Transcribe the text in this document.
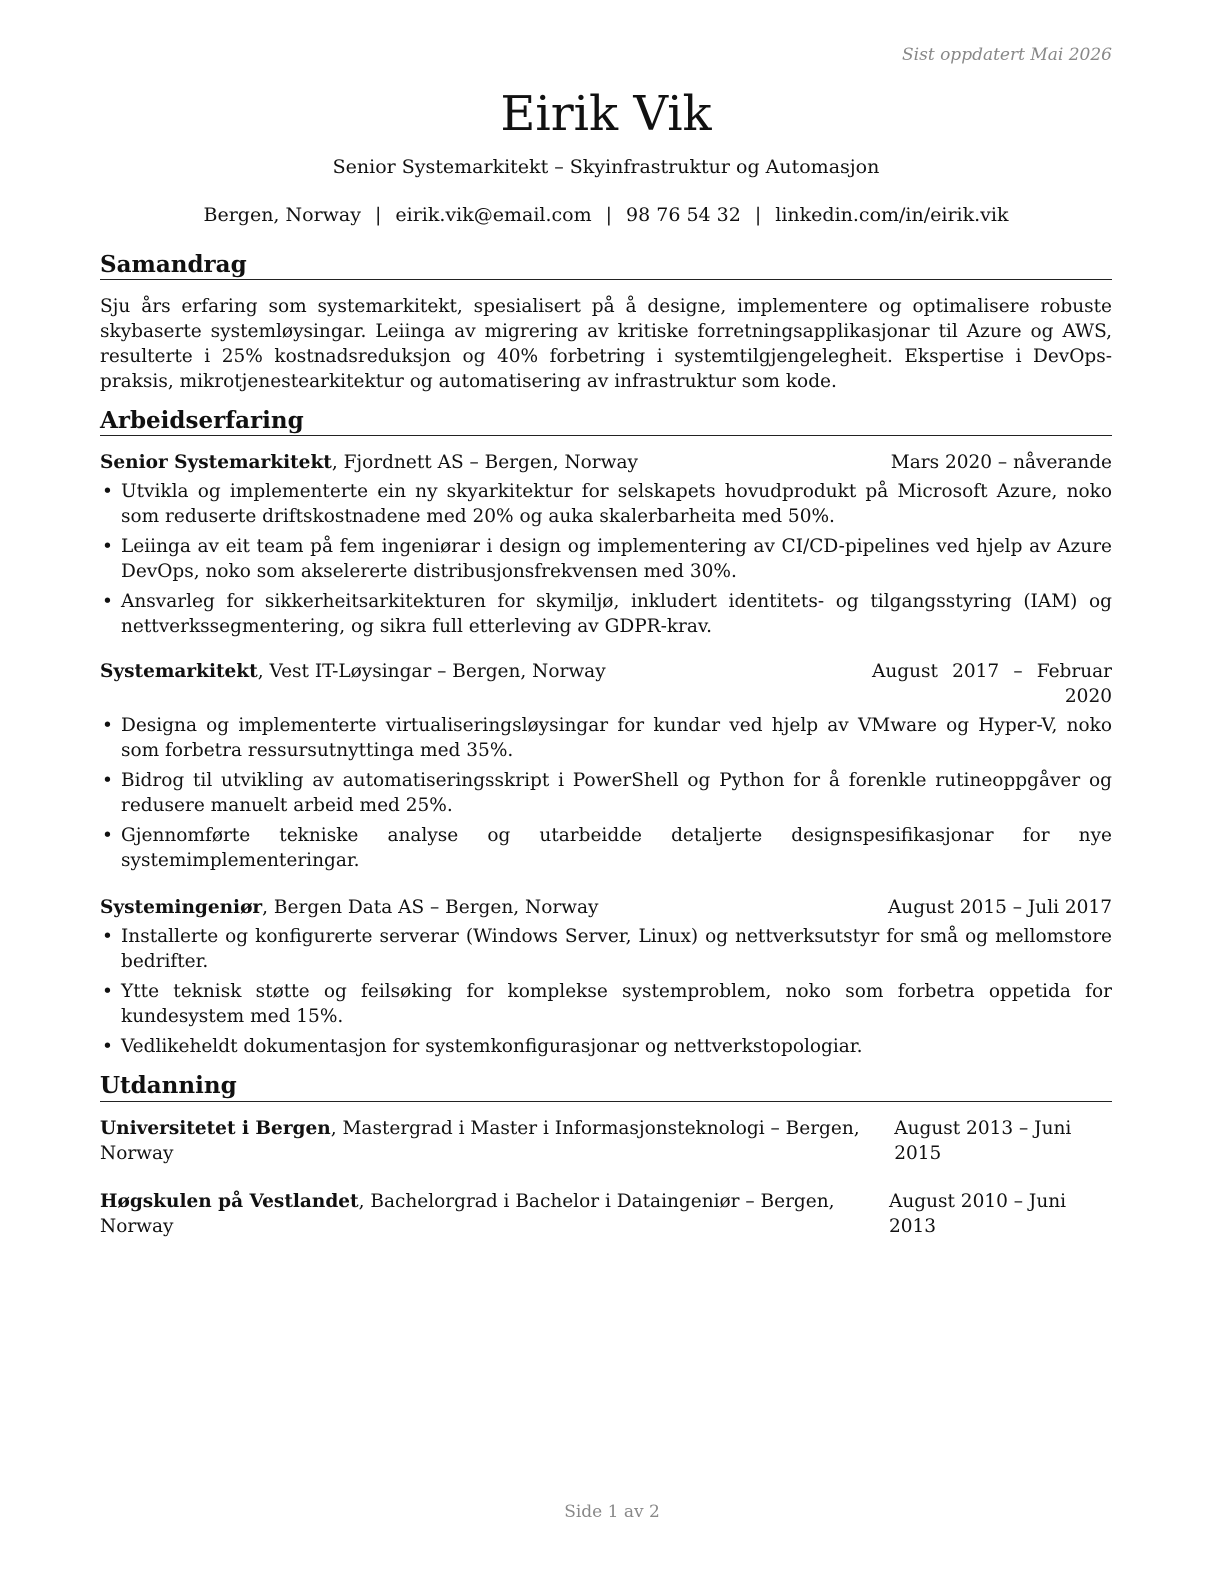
Sist oppdatert Mai 2026
Eirik Vik
Senior Systemarkitekt – Skyinfrastruktur og Automasjon
Bergen, Norway | eirik.vik@email.com | 98 76 54 32 | linkedin.com/in/eirik.vik
Samandrag
Sju års erfaring som systemarkitekt, spesialisert på å designe, implementere og optimalisere robuste skybaserte systemløysingar. Leiinga av migrering av kritiske forretningsapplikasjonar til Azure og AWS, resulterte i 25% kostnadsreduksjon og 40% forbetring i systemtilgjengelegheit. Ekspertise i DevOps-praksis, mikrotjenestearkitektur og automatisering av infrastruktur som kode.
Arbeidserfaring
Senior Systemarkitekt, Fjordnett AS – Bergen, Norway	Mars 2020 – nåverande
• Utvikla og implementerte ein ny skyarkitektur for selskapets hovudprodukt på Microsoft Azure, noko som reduserte driftskostnadene med 20% og auka skalerbarheita med 50%.
• Leiinga av eit team på fem ingeniørar i design og implementering av CI/CD-pipelines ved hjelp av Azure DevOps, noko som akselererte distribusjonsfrekvensen med 30%.
• Ansvarleg for sikkerheitsarkitekturen for skymiljø, inkludert identitets- og tilgangsstyring (IAM) og nettverkssegmentering, og sikra full etterleving av GDPR-krav.
Systemarkitekt, Vest IT-Løysingar – Bergen, Norway	August 2017 – Februar 2020
• Designa og implementerte virtualiseringsløysingar for kundar ved hjelp av VMware og Hyper-V, noko som forbetra ressursutnyttinga med 35%.
• Bidrog til utvikling av automatiseringsskript i PowerShell og Python for å forenkle rutineoppgåver og redusere manuelt arbeid med 25%.
• Gjennomførte tekniske analyse og utarbeidde detaljerte designspesifikasjonar for nye systemimplementeringar.
Systemingeniør, Bergen Data AS – Bergen, Norway	August 2015 – Juli 2017
• Installerte og konfigurerte serverar (Windows Server, Linux) og nettverksutstyr for små og mellomstore bedrifter.
• Ytte teknisk støtte og feilsøking for komplekse systemproblem, noko som forbetra oppetida for kundesystem med 15%.
• Vedlikeheldt dokumentasjon for systemkonfigurasjonar og nettverkstopologiar.
Utdanning
Universitetet i Bergen, Mastergrad i Master i Informasjonsteknologi – Bergen, Norway
August 2013 – Juni 2015
Høgskulen på Vestlandet, Bachelorgrad i Bachelor i Dataingeniør – Bergen, Norway
August 2010 – Juni 2013
Side 1 av 2
